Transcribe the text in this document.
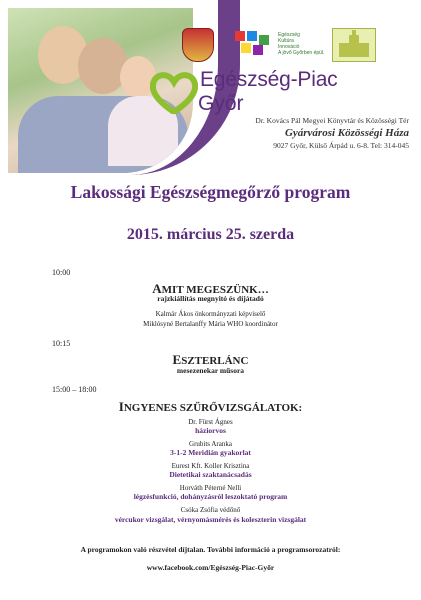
Egészség
Kultúra
Innováció
A jövő Győrben épül.
Egészség-Piac
Győr
Dr. Kovács Pál Megyei Könyvtár és Közösségi Tér
Gyárvárosi Közösségi Háza
9027 Győr, Külső Árpád u. 6-8. Tel: 314-045
Lakossági Egészségmegőrző program
2015. március 25. szerda
10:00
AMIT MEGESZÜNK…
rajzkiállítás megnyitó és díjátadó
Kalmár Ákos önkormányzati képviselő
Miklósyné Bertalanffy Mária WHO koordinátor
10:15
ESZTERLÁNC
mesezenekar műsora
15:00 – 18:00
INGYENES SZŰRŐVIZSGÁLATOK:
Dr. Fürst Ágnes
háziorvos
Grubits Aranka
3-1-2 Meridián gyakorlat
Eurest Kft. Koller Krisztina
Dietetikai szaktanácsadás
Horváth Péterné Nelli
légzésfunkció, dohányzásról leszoktató program
Csóka Zsófia védőnő
vércukor vizsgálat, vérnyomásmérés és koleszterin vizsgálat
A programokon való részvétel díjtalan. További információ a programsorozatról:
www.facebook.com/Egészség-Piac-Győr
